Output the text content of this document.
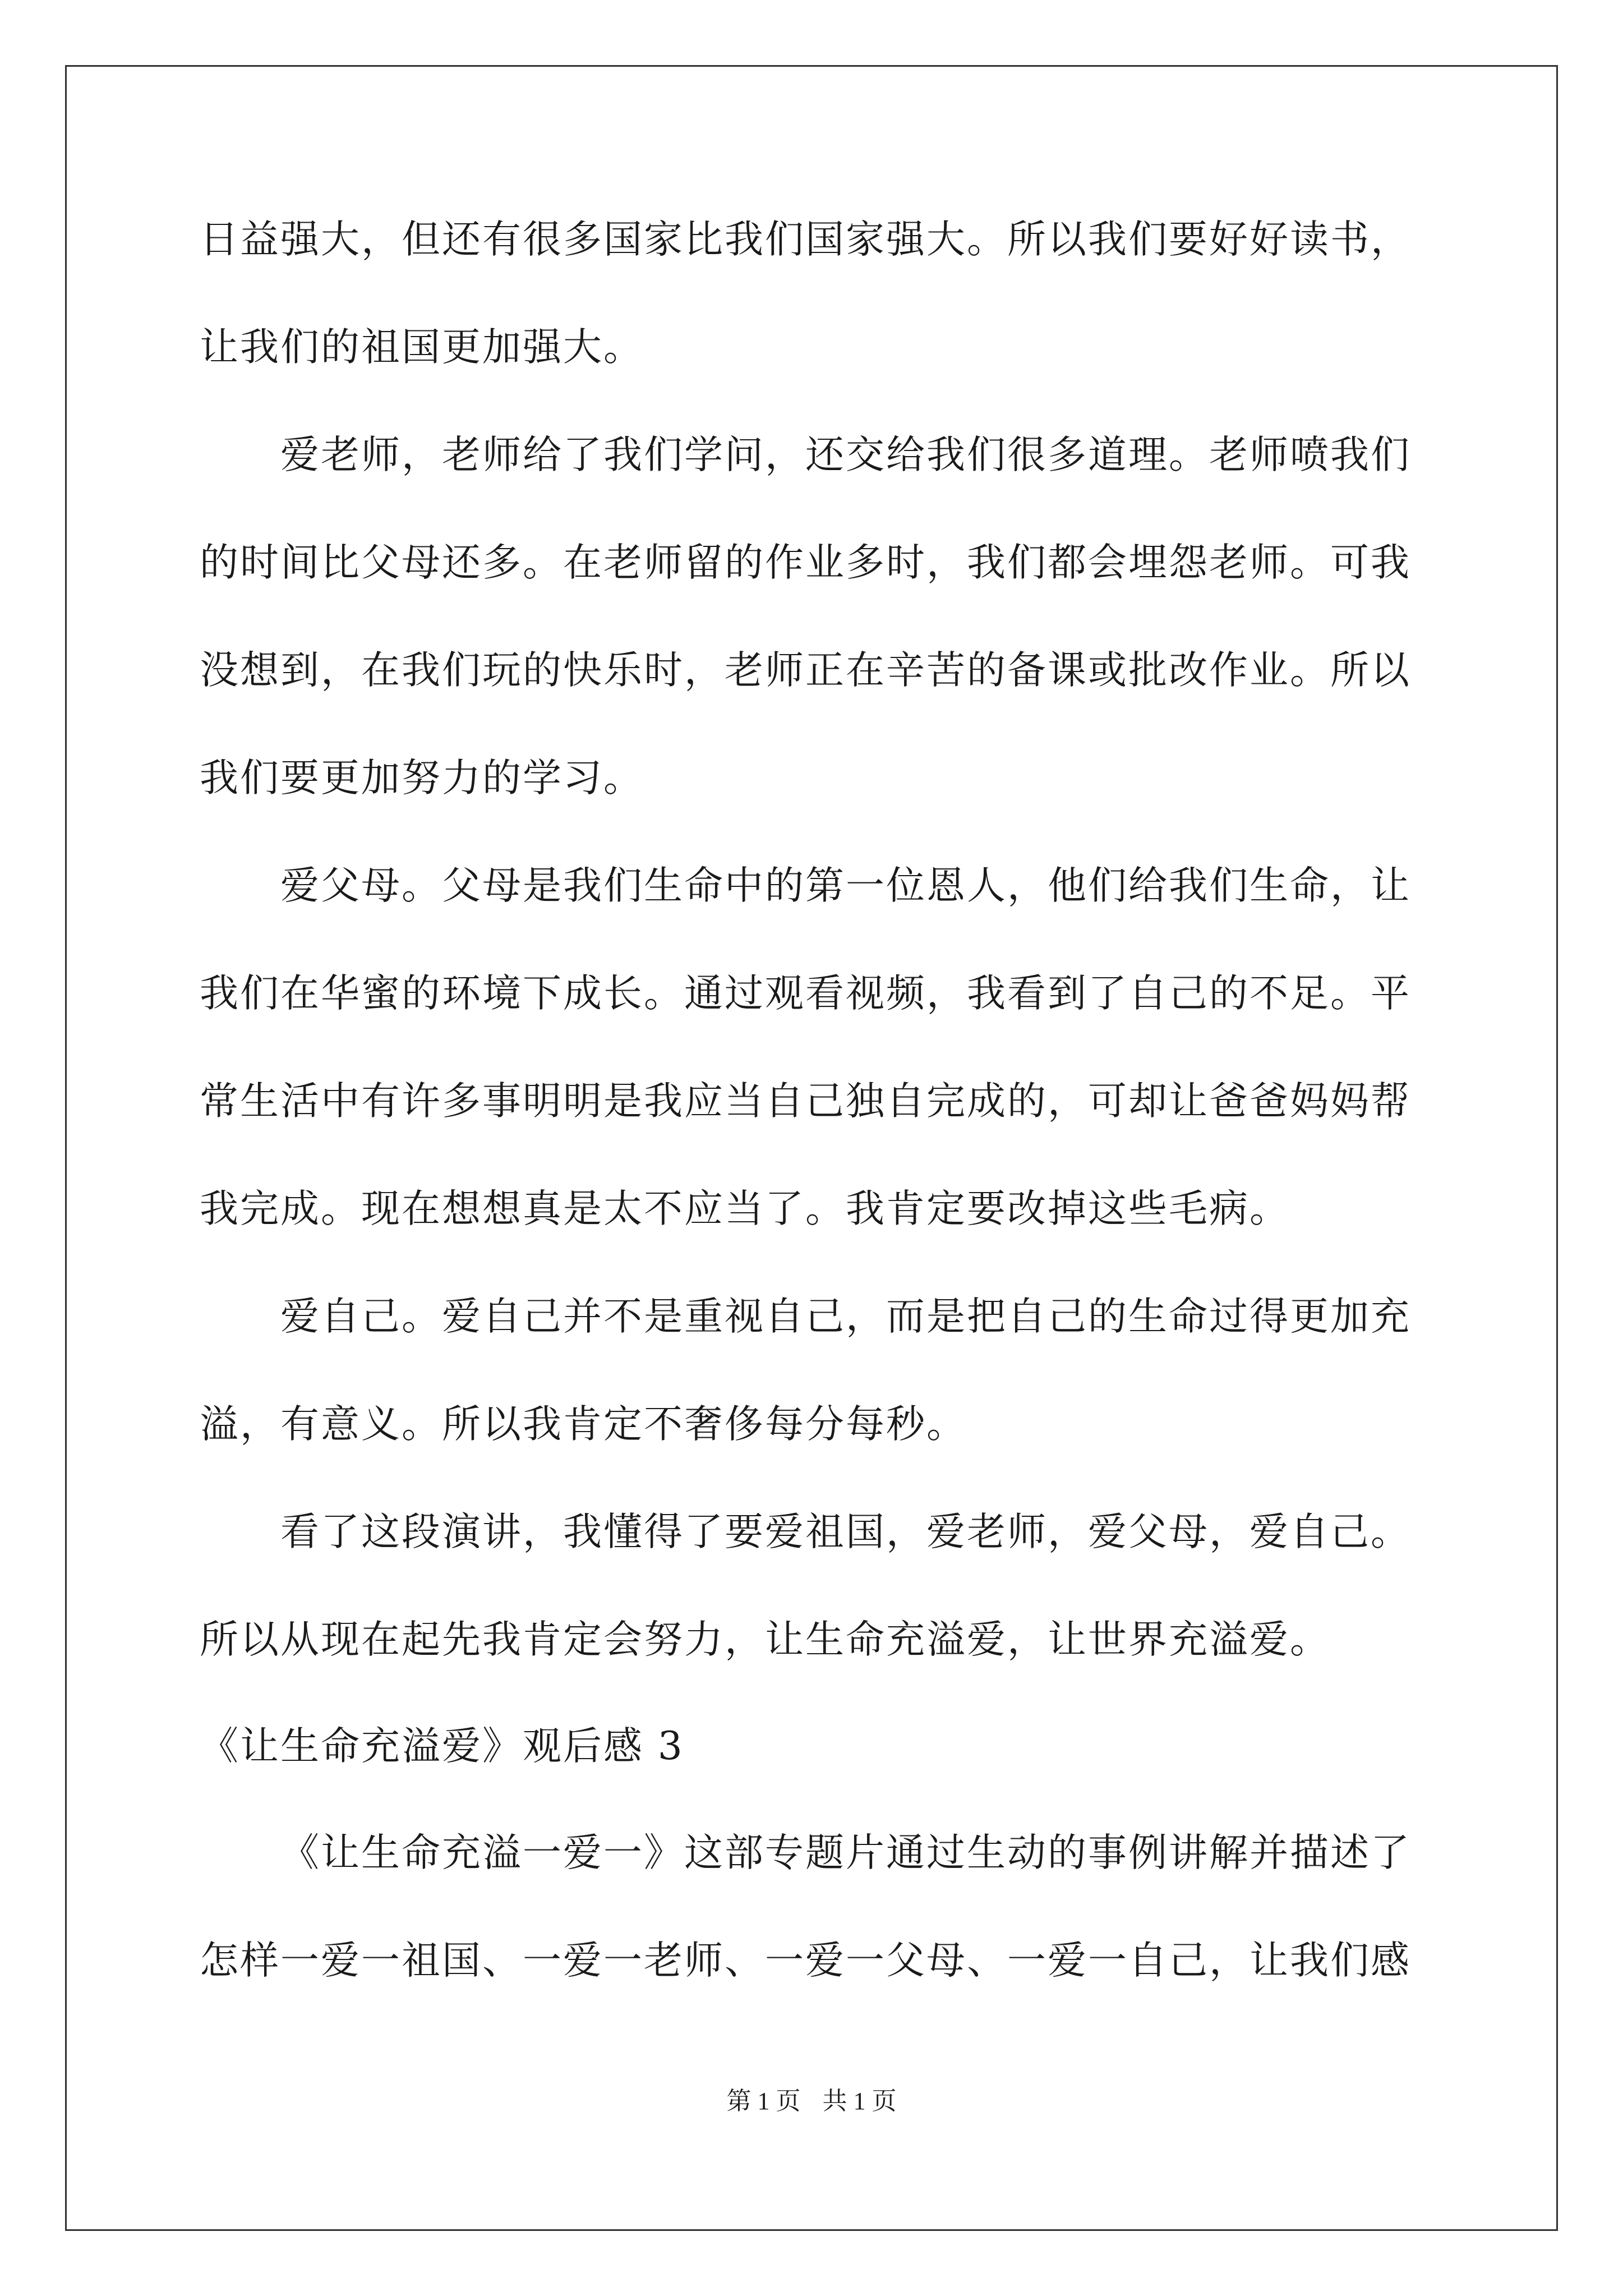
日益强大，但还有很多国家比我们国家强大。所以我们要好好读书，
让我们的祖国更加强大。
爱老师，老师给了我们学问，还交给我们很多道理。老师喷我们
的时间比父母还多。在老师留的作业多时，我们都会埋怨老师。可我
没想到，在我们玩的快乐时，老师正在辛苦的备课或批改作业。所以
我们要更加努力的学习。
爱父母。父母是我们生命中的第一位恩人，他们给我们生命，让
我们在华蜜的环境下成长。通过观看视频，我看到了自己的不足。平
常生活中有许多事明明是我应当自己独自完成的，可却让爸爸妈妈帮
我完成。现在想想真是太不应当了。我肯定要改掉这些毛病。
爱自己。爱自己并不是重视自己，而是把自己的生命过得更加充
溢，有意义。所以我肯定不奢侈每分每秒。
看了这段演讲，我懂得了要爱祖国，爱老师，爱父母，爱自己。
所以从现在起先我肯定会努力，让生命充溢爱，让世界充溢爱。
《让生命充溢爱》观后感 3
《让生命充溢一爱一》这部专题片通过生动的事例讲解并描述了
怎样一爱一祖国、一爱一老师、一爱一父母、一爱一自己，让我们感
第 1 页 共 1 页
